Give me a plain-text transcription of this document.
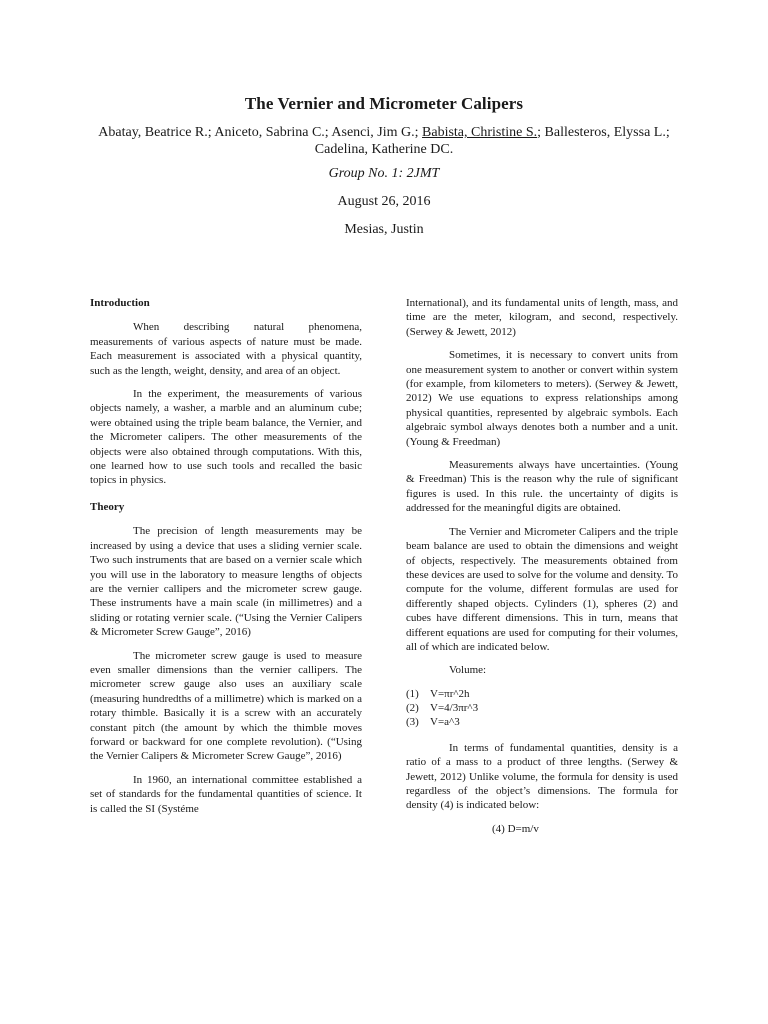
The Vernier and Micrometer Calipers
Abatay, Beatrice R.; Aniceto, Sabrina C.; Asenci, Jim G.; Babista, Christine S.; Ballesteros, Elyssa L.; Cadelina, Katherine DC.
Group No. 1: 2JMT
August 26, 2016
Mesias, Justin
Introduction

When describing natural phenomena, measurements of various aspects of nature must be made. Each measurement is associated with a physical quantity, such as the length, weight, density, and area of an object.

In the experiment, the measurements of various objects namely, a washer, a marble and an aluminum cube; were obtained using the triple beam balance, the Vernier, and the Micrometer calipers. The other measurements of the objects were also obtained through computations. With this, one learned how to use such tools and recalled the basic topics in physics.

Theory

The precision of length measurements may be increased by using a device that uses a sliding vernier scale. Two such instruments that are based on a vernier scale which you will use in the laboratory to measure lengths of objects are the vernier callipers and the micrometer screw gauge. These instruments have a main scale (in millimetres) and a sliding or rotating vernier scale. (“Using the Vernier Calipers & Micrometer Screw Gauge”, 2016)

The micrometer screw gauge is used to measure even smaller dimensions than the vernier callipers. The micrometer screw gauge also uses an auxiliary scale (measuring hundredths of a millimetre) which is marked on a rotary thimble. Basically it is a screw with an accurately constant pitch (the amount by which the thimble moves forward or backward for one complete revolution). (“Using the Vernier Calipers & Micrometer Screw Gauge”, 2016)

In 1960, an international committee established a set of standards for the fundamental quantities of science. It is called the SI (Systéme

International), and its fundamental units of length, mass, and time are the meter, kilogram, and second, respectively. (Serwey & Jewett, 2012)

Sometimes, it is necessary to convert units from one measurement system to another or convert within system (for example, from kilometers to meters). (Serwey & Jewett, 2012) We use equations to express relationships among physical quantities, represented by algebraic symbols. Each algebraic symbol always denotes both a number and a unit. (Young & Freedman)

Measurements always have uncertainties. (Young & Freedman) This is the reason why the rule of significant figures is used. In this rule. the uncertainty of digits is addressed for the meaningful digits are obtained.

The Vernier and Micrometer Calipers and the triple beam balance are used to obtain the dimensions and weight of objects, respectively. The measurements obtained from these devices are used to solve for the volume and density. To compute for the volume, different formulas are used for differently shaped objects. Cylinders (1), spheres (2) and cubes have different dimensions. This in turn, means that different equations are used for computing for their volumes, all of which are indicated below.

Volume:

(1)	V=πr^2h
(2)	V=4/3πr^3
(3)	V=a^3

In terms of fundamental quantities, density is a ratio of a mass to a product of three lengths. (Serwey & Jewett, 2012) Unlike volume, the formula for density is used regardless of the object’s dimensions. The formula for density (4) is indicated below:

(4) D=m/v
